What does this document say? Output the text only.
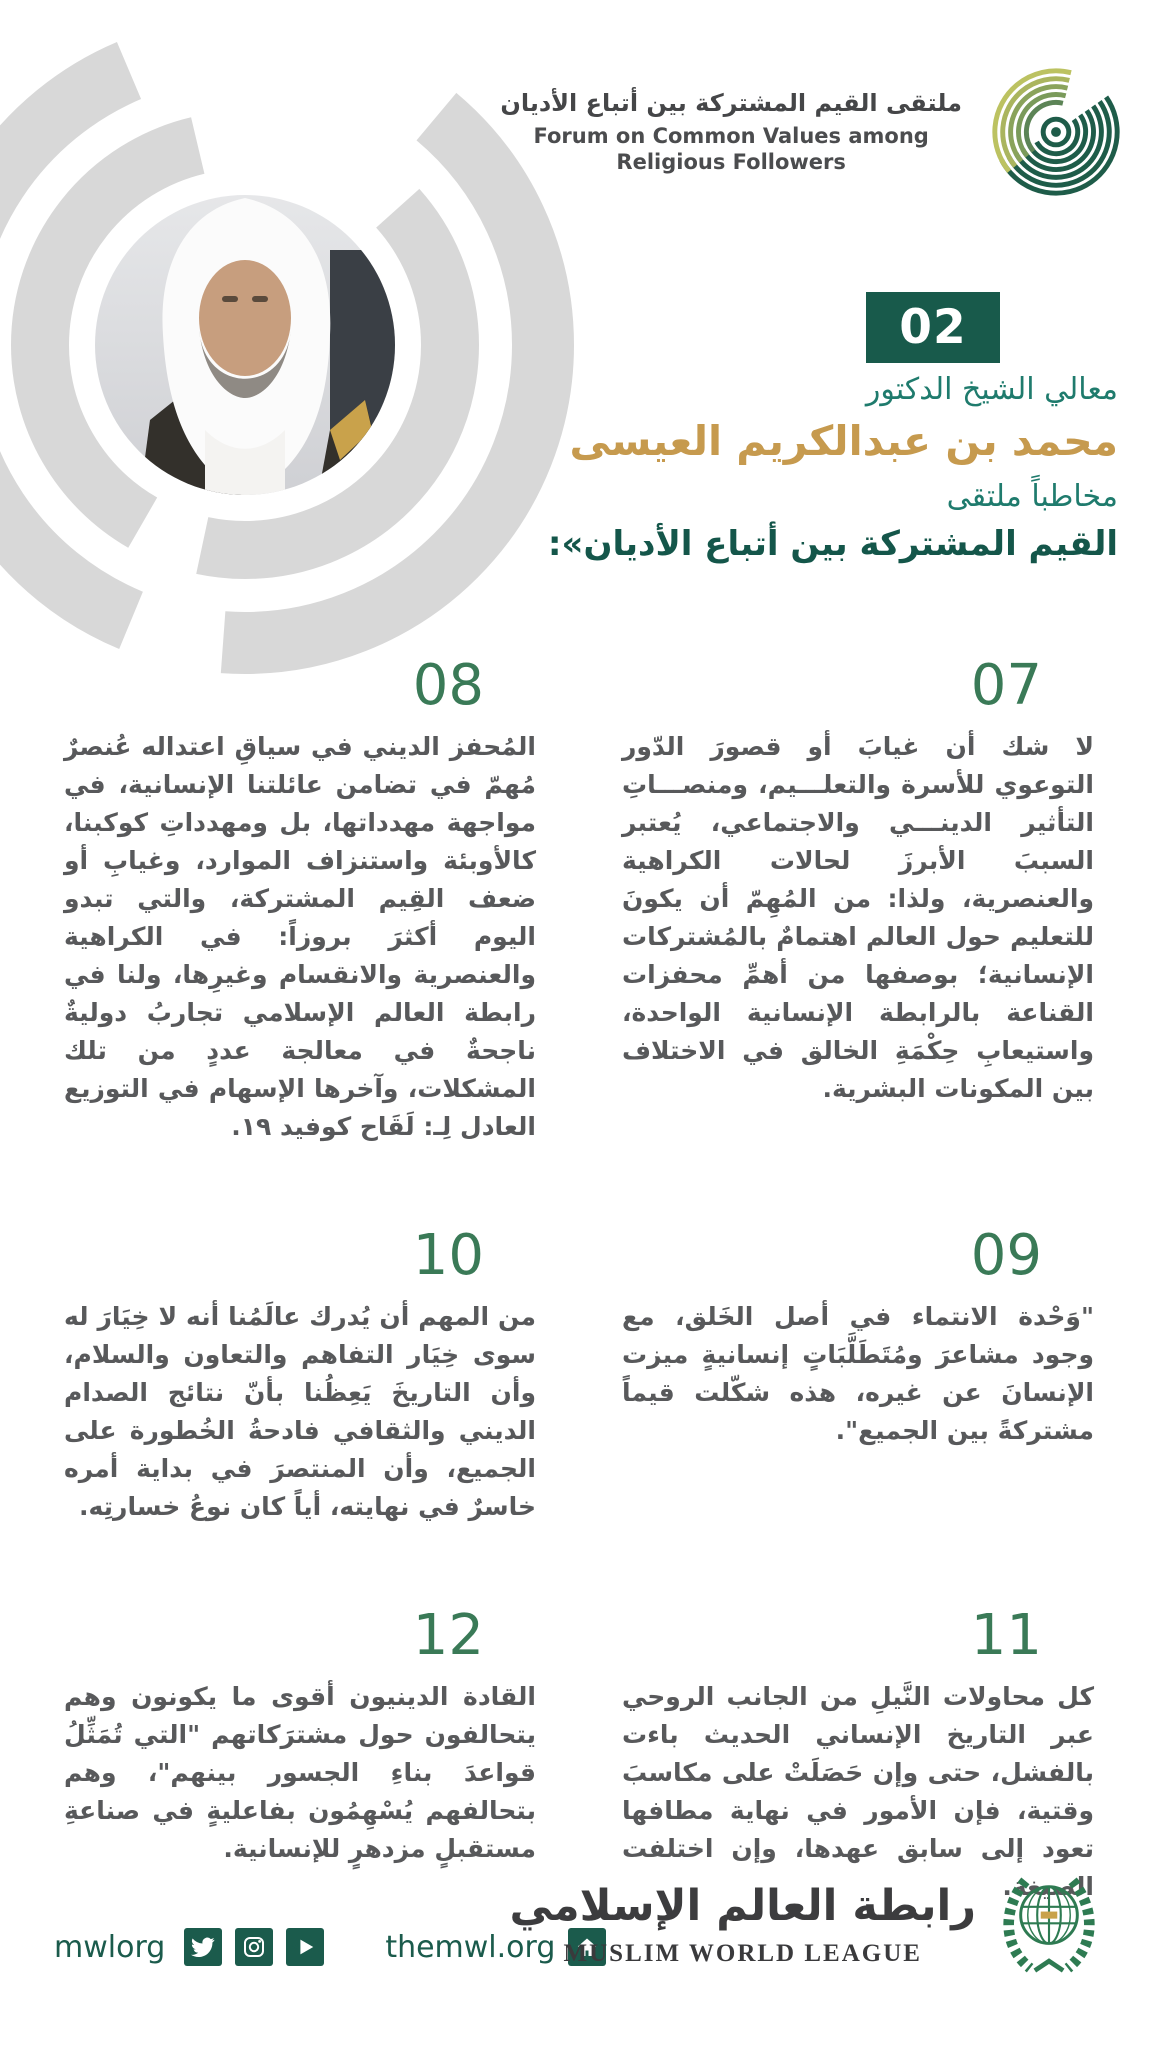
ملتقى القيم المشتركة بين أتباع الأديان
Forum on Common Values among
Religious Followers
02

معالي الشيخ الدكتور

محمد بن عبدالكريم العيسى

مخاطباً ملتقى

القيم المشتركة بين أتباع الأديان»:

07

لا شك أن غيابَ أو قصورَ الدّور التوعوي للأسرة والتعلـــيم، ومنصـــاتِ التأثير الدينـــي والاجتماعي، يُعتبر السببَ الأبرزَ لحالات الكراهية والعنصرية، ولذا: من المُهِمّ أن يكونَ للتعليم حول العالم اهتمامٌ بالمُشتركات الإنسانية؛ بوصفها من أهمِّ محفزات القناعة بالرابطة الإنسانية الواحدة، واستيعابِ حِكْمَةِ الخالق في الاختلاف بين المكونات البشرية.

08

المُحفز الديني في سياقِ اعتداله عُنصرٌ مُهمّ في تضامن عائلتنا الإنسانية، في مواجهة مهدداتها، بل ومهدداتِ كوكبنا، كالأوبئة واستنزاف الموارد، وغيابِ أو ضعف القِيم المشتركة، والتي تبدو اليوم أكثرَ بروزاً: في الكراهية والعنصرية والانقسام وغيرِها، ولنا في رابطة العالم الإسلامي تجاربُ دوليةٌ ناجحةٌ في معالجة عددٍ من تلك المشكلات، وآخرها الإسهام في التوزيع العادل لِـ: لَقَاح كوفيد ١٩.

09

"وَحْدة الانتماء في أصل الخَلق، مع وجود مشاعرَ ومُتَطَلَّبَاتٍ إنسانيةٍ ميزت الإنسانَ عن غيره، هذه شكّلت قيماً مشتركةً بين الجميع".

10

من المهم أن يُدرك عالَمُنا أنه لا خِيَارَ له سوى خِيَار التفاهم والتعاون والسلام، وأن التاريخَ يَعِظُنا بأنّ نتائج الصدام الديني والثقافي فادحةُ الخُطورة على الجميع، وأن المنتصرَ في بداية أمره خاسرٌ في نهايته، أياً كان نوعُ خسارتِه.

11

كل محاولات النَّيلِ من الجانب الروحي عبر التاريخ الإنساني الحديث باءت بالفشل، حتى وإن حَصَلَتْ على مكاسبَ وقتية، فإن الأمور في نهاية مطافها تعود إلى سابق عهدها، وإن اختلفت الصيغة.

12

القادة الدينيون أقوى ما يكونون وهم يتحالفون حول مشترَكاتهم "التي تُمَثِّلُ قواعدَ بناءِ الجسور بينهم"، وهم بتحالفهم يُسْهِمُون بفاعليةٍ في صناعةِ مستقبلٍ مزدهرٍ للإنسانية.

mwlorg	themwl.org
رابطة العالم الإسلامي
MUSLIM WORLD LEAGUE
